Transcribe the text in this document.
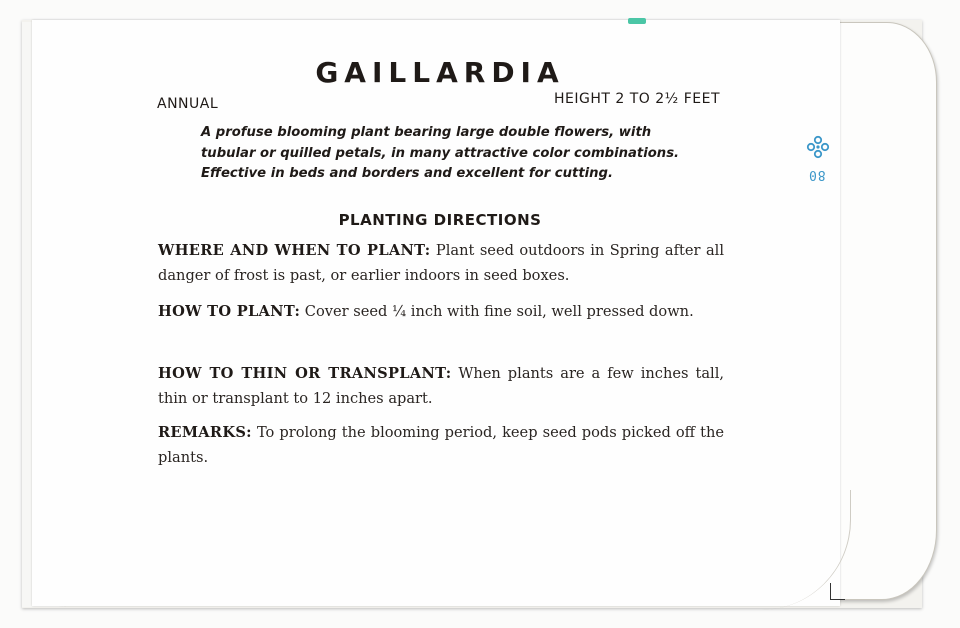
80
GAILLARDIA
ANNUAL	HEIGHT 2 TO 2½ FEET
A profuse blooming plant bearing large double flowers, with tubular or quilled petals, in many attractive color combinations. Effective in beds and borders and excellent for cutting.
PLANTING DIRECTIONS
WHERE AND WHEN TO PLANT: Plant seed outdoors in Spring after all danger of frost is past, or earlier indoors in seed boxes.
HOW TO PLANT: Cover seed ¼ inch with fine soil, well pressed down.
HOW TO THIN OR TRANSPLANT: When plants are a few inches tall, thin or transplant to 12 inches apart.
REMARKS: To prolong the blooming period, keep seed pods picked off the plants.
